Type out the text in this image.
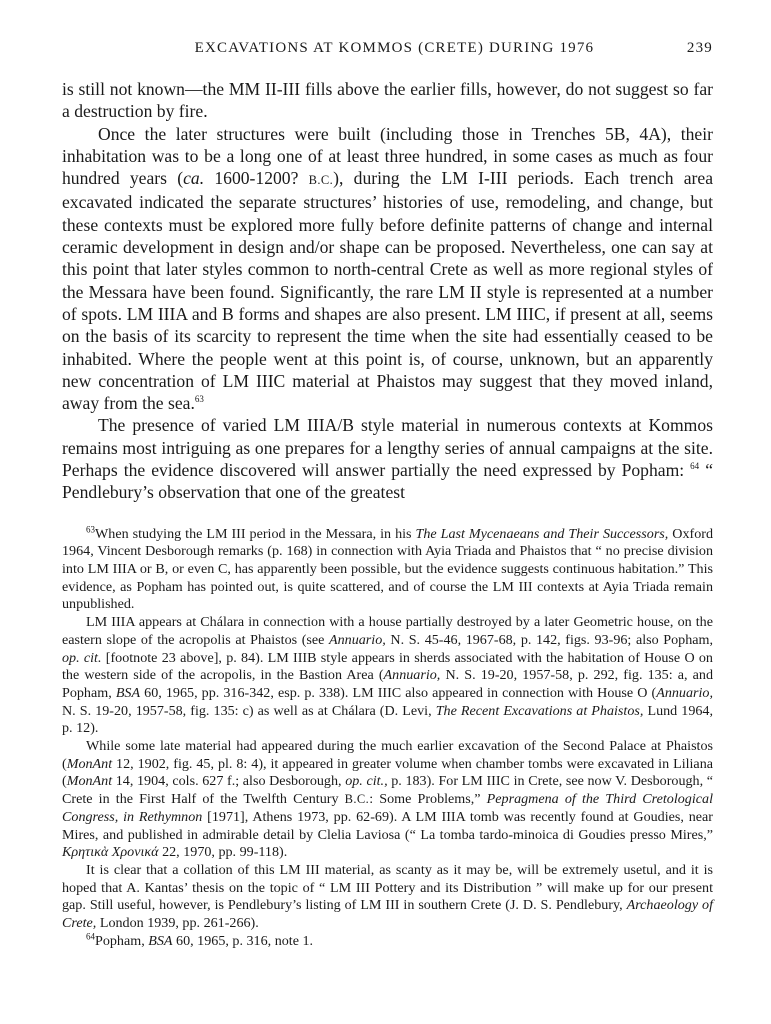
EXCAVATIONS AT KOMMOS (CRETE) DURING 1976	239

is still not known—the MM II-III fills above the earlier fills, however, do not suggest so far a destruction by fire.

Once the later structures were built (including those in Trenches 5B, 4A), their inhabitation was to be a long one of at least three hundred, in some cases as much as four hundred years (ca. 1600-1200? B.C.), during the LM I-III periods. Each trench area excavated indicated the separate structures’ histories of use, remodeling, and change, but these contexts must be explored more fully before definite patterns of change and internal ceramic development in design and/or shape can be proposed. Nevertheless, one can say at this point that later styles common to north-central Crete as well as more regional styles of the Messara have been found. Significantly, the rare LM II style is represented at a number of spots. LM IIIA and B forms and shapes are also present. LM IIIC, if present at all, seems on the basis of its scarcity to represent the time when the site had essentially ceased to be inhabited. Where the people went at this point is, of course, unknown, but an apparently new concentration of LM IIIC material at Phaistos may suggest that they moved inland, away from the sea.$^{63}$

The presence of varied LM IIIA/B style material in numerous contexts at Kommos remains most intriguing as one prepares for a lengthy series of annual campaigns at the site. Perhaps the evidence discovered will answer partially the need expressed by Popham: $^{64}$ “ Pendlebury’s observation that one of the greatest

$^{63}$When studying the LM III period in the Messara, in his The Last Mycenaeans and Their Successors, Oxford 1964, Vincent Desborough remarks (p. 168) in connection with Ayia Triada and Phaistos that “ no precise division into LM IIIA or B, or even C, has apparently been possible, but the evidence suggests continuous habitation.” This evidence, as Popham has pointed out, is quite scattered, and of course the LM III contexts at Ayia Triada remain unpublished.

LM IIIA appears at Chálara in connection with a house partially destroyed by a later Geometric house, on the eastern slope of the acropolis at Phaistos (see Annuario, N. S. 45-46, 1967-68, p. 142, figs. 93-96; also Popham, op. cit. [footnote 23 above], p. 84). LM IIIB style appears in sherds associated with the habitation of House O on the western side of the acropolis, in the Bastion Area (Annuario, N. S. 19-20, 1957-58, p. 292, fig. 135: a, and Popham, BSA 60, 1965, pp. 316-342, esp. p. 338). LM IIIC also appeared in connection with House O (Annuario, N. S. 19-20, 1957-58, fig. 135: c) as well as at Chálara (D. Levi, The Recent Excavations at Phaistos, Lund 1964, p. 12).

While some late material had appeared during the much earlier excavation of the Second Palace at Phaistos (MonAnt 12, 1902, fig. 45, pl. 8: 4), it appeared in greater volume when chamber tombs were excavated in Liliana (MonAnt 14, 1904, cols. 627 f.; also Desborough, op. cit., p. 183). For LM IIIC in Crete, see now V. Desborough, “ Crete in the First Half of the Twelfth Century B.C.: Some Problems,” Pepragmena of the Third Cretological Congress, in Rethymnon [1971], Athens 1973, pp. 62-69). A LM IIIA tomb was recently found at Goudies, near Mires, and published in admirable detail by Clelia Laviosa (“ La tomba tardo-minoica di Goudies presso Mires,” Κρητικὰ Χρονικά 22, 1970, pp. 99-118).

It is clear that a collation of this LM III material, as scanty as it may be, will be extremely usetul, and it is hoped that A. Kantas’ thesis on the topic of “ LM III Pottery and its Distribution ” will make up for our present gap. Still useful, however, is Pendlebury’s listing of LM III in southern Crete (J. D. S. Pendlebury, Archaeology of Crete, London 1939, pp. 261-266).

$^{64}$Popham, BSA 60, 1965, p. 316, note 1.
